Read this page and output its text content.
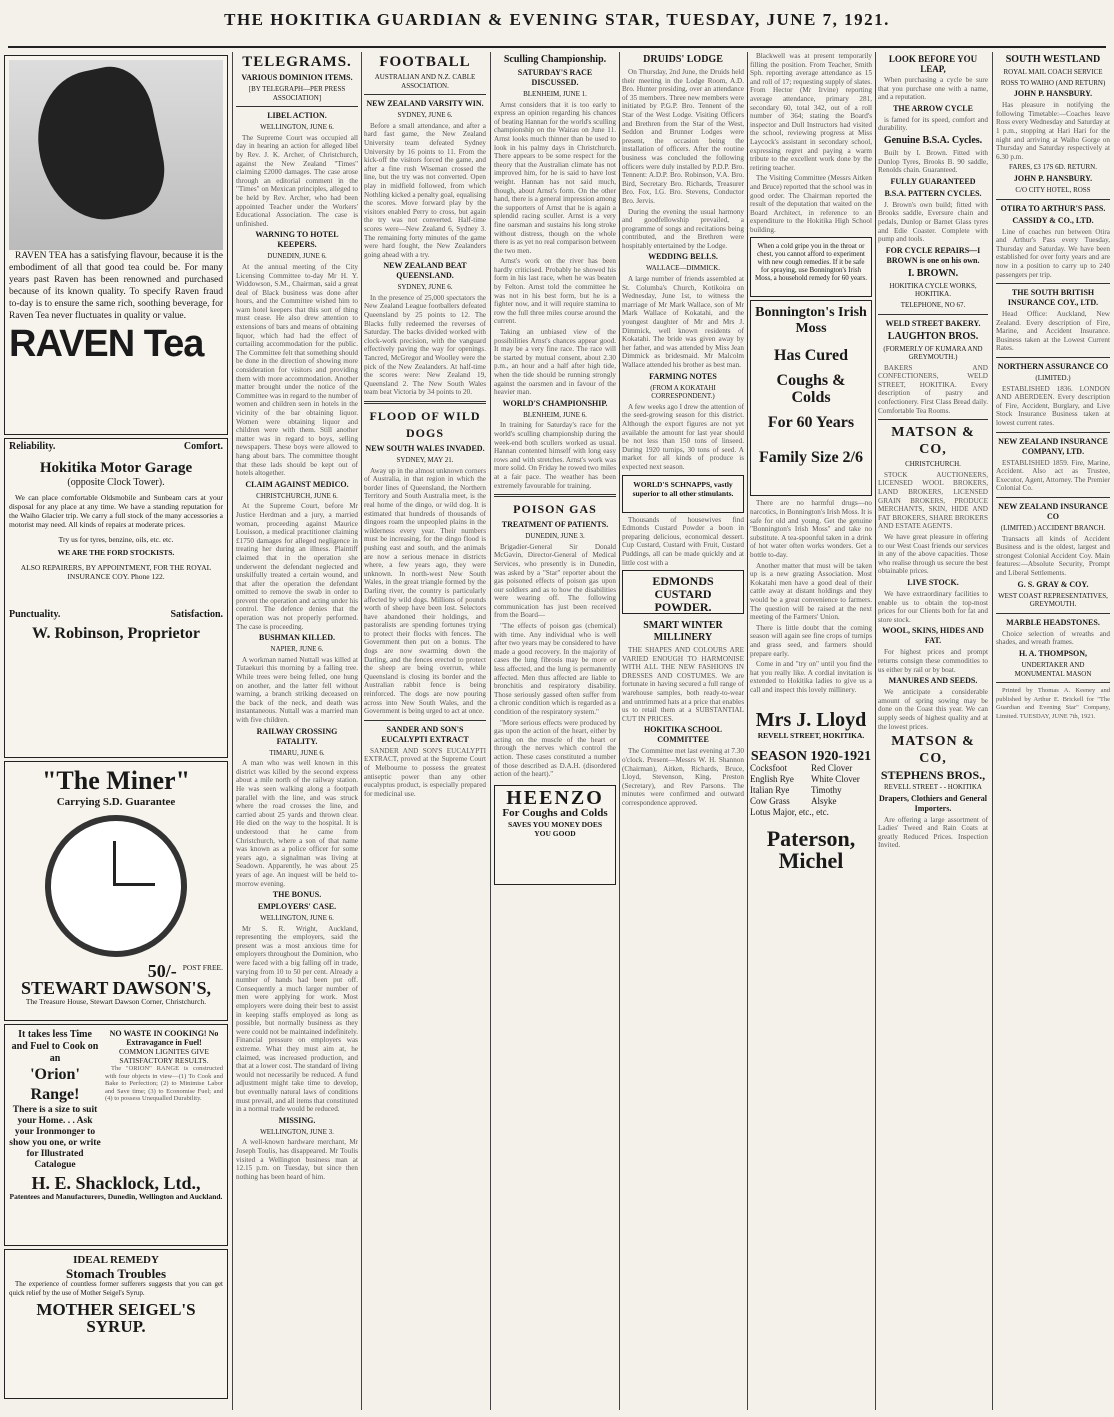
THE HOKITIKA GUARDIAN & EVENING STAR, TUESDAY, JUNE 7, 1921.

RAVEN TEA has a satisfying flavour, because it is the embodiment of all that good tea could be. For many years past Raven has been renowned and purchased because of its known quality. To specify Raven fraud to-day is to ensure the same rich, soothing beverage, for Raven Tea never fluctuates in quality or value.

RAVEN Tea
Reliability.	Comfort.
Hokitika Motor Garage
(opposite Clock Tower).

We can place comfortable Oldsmobile and Sunbeam cars at your disposal for any place at any time. We have a standing reputation for the Waiho Glacier trip. We carry a full stock of the many accessories a motorist may need. All kinds of repairs at moderate prices.

Try us for tyres, benzine, oils, etc. etc.
WE ARE THE FORD STOCKISTS.
ALSO REPAIRERS, BY APPOINTMENT, FOR THE ROYAL INSURANCE COY. Phone 122.
Punctuality.	Satisfaction.
W. Robinson, Proprietor
"The Miner"
Carrying S.D. Guarantee
50/- POST FREE.
STEWART DAWSON'S,
The Treasure House, Stewart Dawson Corner, Christchurch.
It takes less Time and Fuel to Cook on an
'Orion' Range!
There is a size to suit your Home. . . Ask your Ironmonger to show you one, or write for Illustrated Catalogue
NO WASTE IN COOKING! No Extravagance in Fuel!
COMMON LIGNITES GIVE SATISFACTORY RESULTS.

The "ORION" RANGE is constructed with four objects in view—(1) To Cook and Bake to Perfection; (2) to Minimise Labor and Save time; (3) to Economise Fuel; and (4) to possess Unequalled Durability.

H. E. Shacklock, Ltd.,
Patentees and Manufacturers, Dunedin, Wellington and Auckland.
IDEAL REMEDY
Stomach Troubles

The experience of countless former sufferers suggests that you can get quick relief by the use of Mother Seigel's Syrup.

MOTHER SEIGEL'S SYRUP.
TELEGRAMS.
VARIOUS DOMINION ITEMS.
[BY TELEGRAPH—PER PRESS ASSOCIATION]
LIBEL ACTION.
WELLINGTON, JUNE 6.

The Supreme Court was occupied all day in hearing an action for alleged libel by Rev. J. K. Archer, of Christchurch, against the New Zealand "Times" claiming £2000 damages. The case arose through an editorial comment in the "Times" on Mexican principles, alleged to be held by Rev. Archer, who had been appointed Teacher under the Workers' Educational Association. The case is unfinished.

WARNING TO HOTEL KEEPERS.
DUNEDIN, JUNE 6.

At the annual meeting of the City Licensing Committee to-day Mr H. Y. Widdowson, S.M., Chairman, said a great deal of Black business was done after hours, and the Committee wished him to warn hotel keepers that this sort of thing must cease. He also drew attention to extensions of bars and means of obtaining liquor, which had had the effect of curtailing accommodation for the public. The Committee felt that something should be done in the direction of showing more consideration for visitors and providing them with more accommodation. Another matter brought under the notice of the Committee was in regard to the number of women and children seen in hotels in the vicinity of the bar obtaining liquor. Women were obtaining liquor and children were with them. Still another matter was in regard to boys, selling newspapers. These boys were allowed to hang about bars. The committee thought that these lads should be kept out of hotels altogether.

CLAIM AGAINST MEDICO.
CHRISTCHURCH, JUNE 6.

At the Supreme Court, before Mr Justice Herdman and a jury, a married woman, proceeding against Maurice Louisson, a medical practitioner claiming £1750 damages for alleged negligence in treating her during an illness. Plaintiff claimed that in the operation she underwent the defendant neglected and unskilfully treated a certain wound, and that after the operation the defendant omitted to remove the swab in order to prevent the operation and acting under his control. The defence denies that the operation was not properly performed. The case is proceeding.

BUSHMAN KILLED.
NAPIER, JUNE 6.

A workman named Nuttall was killed at Tutaekuri this morning by a falling tree. While trees were being felled, one hung on another, and the latter fell without warning, a branch striking deceased on the back of the neck, and death was instantaneous. Nuttall was a married man with five children.

RAILWAY CROSSING FATALITY.
TIMARU, JUNE 6.

A man who was well known in this district was killed by the second express about a mile north of the railway station. He was seen walking along a footpath parallel with the line, and was struck where the road crosses the line, and carried about 25 yards and thrown clear. He died on the way to the hospital. It is understood that he came from Christchurch, where a son of that name was known as a police officer for some years ago, a signalman was living at Seadown. Apparently, he was about 25 years of age. An inquest will be held to-morrow evening.

THE BONUS.
EMPLOYERS' CASE.
WELLINGTON, JUNE 6.

Mr S. R. Wright, Auckland, representing the employers, said the present was a most anxious time for employers throughout the Dominion, who were faced with a big falling off in trade, varying from 10 to 50 per cent. Already a number of hands had been put off. Consequently a much larger number of men were applying for work. Most employers were doing their best to assist in keeping staffs employed as long as possible, but normally business as they were could not be maintained indefinitely. Financial pressure on employers was extreme. What they must aim at, he claimed, was increased production, and that at a lower cost. The standard of living would not necessarily be reduced. A fund adjustment might take time to develop, but eventually natural laws of conditions must prevail, and all items that constituted in a normal trade would be reduced.

MISSING.
WELLINGTON, JUNE 3.

A well-known hardware merchant, Mr Joseph Toulis, has disappeared. Mr Toulis visited a Wellington business man at 12.15 p.m. on Tuesday, but since then nothing has been heard of him.

FOOTBALL
AUSTRALIAN AND N.Z. CABLE ASSOCIATION.
NEW ZEALAND VARSITY WIN.
SYDNEY, JUNE 6.

Before a small attendance, and after a hard fast game, the New Zealand University team defeated Sydney University by 16 points to 11. From the kick-off the visitors forced the game, and after a fine rush Wiseman crossed the line, but the try was not converted. Open play in midfield followed, from which Nothling kicked a penalty goal, equalising the scores. Move forward play by the visitors enabled Perry to cross, but again the try was not converted. Half-time scores were—New Zealand 6, Sydney 3. The remaining forty minutes of the game were hard fought, the New Zealanders going ahead with a try.

NEW ZEALAND BEAT QUEENSLAND.
SYDNEY, JUNE 6.

In the presence of 25,000 spectators the New Zealand League footballers defeated Queensland by 25 points to 12. The Blacks fully redeemed the reverses of Saturday. The backs divided worked with clock-work precision, with the vanguard effectively paving the way for openings. Tancred, McGregor and Woolley were the pick of the New Zealanders. At half-time the scores were: New Zealand 19, Queensland 2. The New South Wales team beat Victoria by 34 points to 20.

FLOOD OF WILD DOGS
NEW SOUTH WALES INVADED.
SYDNEY, MAY 21.

Away up in the almost unknown corners of Australia, in that region in which the border lines of Queensland, the Northern Territory and South Australia meet, is the real home of the dingo, or wild dog. It is estimated that hundreds of thousands of dingoes roam the unpeopled plains in the wilderness every year. Their numbers must be increasing, for the dingo flood is pushing east and south, and the animals are now a serious menace in districts where, a few years ago, they were unknown. In north-west New South Wales, in the great triangle formed by the Darling river, the country is particularly affected by wild dogs. Millions of pounds worth of sheep have been lost. Selectors have abandoned their holdings, and pastoralists are spending fortunes trying to protect their flocks with fences. The Government then put on a bonus. The dogs are now swarming down the Darling, and the fences erected to protect the sheep are being overrun, while Queensland is closing its border and the Australian rabbit fence is being reinforced. The dogs are now pouring across into New South Wales, and the Government is being urged to act at once.

SANDER AND SON'S EUCALYPTI EXTRACT

SANDER AND SON'S EUCALYPTI EXTRACT, proved at the Supreme Court of Melbourne to possess the greatest antiseptic power than any other eucalyptus product, is especially prepared for medicinal use.

Sculling Championship.
SATURDAY'S RACE DISCUSSED.
BLENHEIM, JUNE 1.

Arnst considers that it is too early to express an opinion regarding his chances of beating Hannan for the world's sculling championship on the Wairau on June 11. Arnst looks much thinner than he used to look in his palmy days in Christchurch. There appears to be some respect for the theory that the Australian climate has not improved him, for he is said to have lost weight. Hannan has not said much, though, about Arnst's form. On the other hand, there is a general impression among the supporters of Arnst that he is again a splendid racing sculler. Arnst is a very fine oarsman and sustains his long stroke without distress, though on the whole there is as yet no real comparison between the two men.

Arnst's work on the river has been hardly criticised. Probably he showed his form in his last race, when he was beaten by Felton. Arnst told the committee he was not in his best form, but he is a fighter now, and it will require stamina to row the full three miles course around the current.

Taking an unbiased view of the possibilities Arnst's chances appear good. It may be a very fine race. The race will be started by mutual consent, about 2.30 p.m., an hour and a half after high tide, when the tide should be running strongly against the oarsmen and in favour of the heavier man.

WORLD'S CHAMPIONSHIP.
BLENHEIM, JUNE 6.

In training for Saturday's race for the world's sculling championship during the week-end both scullers worked as usual. Hannan contented himself with long easy rows and with stretches. Arnst's work was more solid. On Friday he rowed two miles at a fair pace. The weather has been extremely favourable for training.

POISON GAS
TREATMENT OF PATIENTS.
DUNEDIN, JUNE 3.

Brigadier-General Sir Donald McGavin, Director-General of Medical Services, who presently is in Dunedin, was asked by a "Star" reporter about the gas poisoned effects of poison gas upon our soldiers and as to how the disabilities were wearing off. The following communication has just been received from the Board—

"The effects of poison gas (chemical) with time. Any individual who is well after two years may be considered to have made a good recovery. In the majority of cases the lung fibrosis may be more or less affected, and the lung is permanently affected. Men thus affected are liable to bronchitis and respiratory disability. Those seriously gassed often suffer from a chronic condition which is regarded as a condition of the respiratory system."

"More serious effects were produced by gas upon the action of the heart, either by acting on the muscle of the heart or through the nerves which control the action. These cases constituted a number of those described as D.A.H. (disordered action of the heart)."

HEENZO
For Coughs and Colds
SAVES YOU MONEY DOES YOU GOOD
DRUIDS' LODGE

On Thursday, 2nd June, the Druids held their meeting in the Lodge Room, A.D. Bro. Hunter presiding, over an attendance of 35 members. Three new members were initiated by P.G.P. Bro. Tennent of the Star of the West Lodge. Visiting Officers and Brethren from the Star of the West, Seddon and Brunner Lodges were present, the occasion being the installation of officers. After the routine business was concluded the following officers were duly installed by P.D.P. Bro. Tennent: A.D.P. Bro. Robinson, V.A. Bro. Bird, Secretary Bro. Richards, Treasurer Bro. Fox, I.G. Bro. Stevens, Conductor Bro. Jervis.

During the evening the usual harmony and goodfellowship prevailed, a programme of songs and recitations being contributed, and the Brethren were hospitably entertained by the Lodge.

WEDDING BELLS.
WALLACE—DIMMICK.

A large number of friends assembled at St. Columba's Church, Kotikoira on Wednesday, June 1st, to witness the marriage of Mr Mark Wallace, son of Mr Mark Wallace of Kokatahi, and the youngest daughter of Mr and Mrs J. Dimmick, well known residents of Kokatahi. The bride was given away by her father, and was attended by Miss Jean Dimmick as bridesmaid. Mr Malcolm Wallace attended his brother as best man.

FARMING NOTES
(FROM A KOKATAHI CORRESPONDENT.)

A few weeks ago I drew the attention of the seed-growing season for this district. Although the export figures are not yet available the amount for last year should be not less than 150 tons of linseed. During 1920 turnips, 30 tons of seed. A market for all kinds of produce is expected next season.

WORLD'S SCHNAPPS, vastly superior to all other stimulants.

Thousands of housewives find Edmonds Custard Powder a boon in preparing delicious, economical dessert. Cup Custard, Custard with Fruit, Custard Puddings, all can be made quickly and at little cost with a

EDMONDS CUSTARD POWDER.
SMART WINTER MILLINERY

THE SHAPES AND COLOURS ARE VARIED ENOUGH TO HARMONISE WITH ALL THE NEW FASHIONS IN DRESSES AND COSTUMES. We are fortunate in having secured a full range of warehouse samples, both ready-to-wear and untrimmed hats at a price that enables us to retail them at a SUBSTANTIAL CUT IN PRICES.

HOKITIKA SCHOOL COMMITTEE

The Committee met last evening at 7.30 o'clock. Present—Messrs W. H. Shannon (Chairman), Aitken, Richards, Bruce, Lloyd, Stevenson, King, Preston (Secretary), and Rev Parsons. The minutes were confirmed and outward correspondence approved.

Blackwell was at present temporarily filling the position. From Teacher, Smith Sph. reporting average attendance as 15 and roll of 17; requesting supply of slates. From Hector (Mr Irvine) reporting average attendance, primary 281, secondary 60, total 342, out of a roll number of 364; stating the Board's inspector and Dull Instructors had visited the school, reviewing progress at Miss Laycock's assistant in secondary school, expressing regret and paying a warm tribute to the excellent work done by the retiring teacher.

The Visiting Committee (Messrs Aitken and Bruce) reported that the school was in good order. The Chairman reported the result of the deputation that waited on the Board Architect, in reference to an expenditure to the Hokitika High School building.

When a cold gripe you in the throat or chest, you cannot afford to experiment with new cough remedies. If it be safe for spraying, use Bonnington's Irish Moss, a household remedy for 60 years.
Bonnington's Irish Moss
Has Cured
Coughs & Colds
For 60 Years
Family Size 2/6

There are no harmful drugs—no narcotics, in Bonnington's Irish Moss. It is safe for old and young. Get the genuine "Bonnington's Irish Moss" and take no substitute. A tea-spoonful taken in a drink of hot water often works wonders. Get a bottle to-day.

Another matter that must will be taken up is a new grazing Association. Most Kokatahi men have a good deal of their cattle away at distant holdings and they would be a great convenience to farmers. The question will be raised at the next meeting of the Farmers' Union.

There is little doubt that the coming season will again see fine crops of turnips and grass seed, and farmers should prepare early.

Come in and "try on" until you find the hat you really like. A cordial invitation is extended to Hokitika ladies to give us a call and inspect this lovely millinery.

Mrs J. Lloyd
REVELL STREET, HOKITIKA.
SEASON 1920-1921
Cocksfoot	Red Clover
English Rye	White Clover
Italian Rye	Timothy
Cow Grass	Alsyke
Lotus Major, etc., etc.
Paterson, Michel
LOOK BEFORE YOU LEAP,

When purchasing a cycle be sure that you purchase one with a name, and a reputation.

THE ARROW CYCLE

is famed for its speed, comfort and durability.

Genuine B.S.A. Cycles.

Built by I. Brown. Fitted with Dunlop Tyres, Brooks B. 90 saddle, Renolds chain. Guaranteed.

FULLY GUARANTEED
B.S.A. PATTERN CYCLES.

J. Brown's own build; fitted with Brooks saddle, Eversure chain and pedals, Dunlop or Barnet Glass tyres and Edie Coaster. Complete with pump and tools.

FOR CYCLE REPAIRS—I BROWN is one on his own.
I. BROWN.
HOKITIKA CYCLE WORKS, HOKITIKA.
TELEPHONE, NO 67.
WELD STREET BAKERY.
LAUGHTON BROS.
(FORMERLY OF KUMARA AND GREYMOUTH.)

BAKERS AND CONFECTIONERS, WELD STREET, HOKITIKA. Every description of pastry and confectionery. First Class Bread daily. Comfortable Tea Rooms.

MATSON & CO,
CHRISTCHURCH.

STOCK AUCTIONEERS, LICENSED WOOL BROKERS, LAND BROKERS, LICENSED GRAIN BROKERS, PRODUCE MERCHANTS, SKIN, HIDE AND FAT BROKERS, SHARE BROKERS AND ESTATE AGENTS.

We have great pleasure in offering to our West Coast friends our services in any of the above capacities. Those who realise through us secure the best obtainable prices.

LIVE STOCK.

We have extraordinary facilities to enable us to obtain the top-most prices for our Clients both for fat and store stock.

WOOL, SKINS, HIDES AND FAT.

For highest prices and prompt returns consign these commodities to us either by rail or by boat.

MANURES AND SEEDS.

We anticipate a considerable amount of spring sowing may be done on the Coast this year. We can supply seeds of highest quality and at the lowest prices.

MATSON & CO,
STEPHENS BROS.,
REVELL STREET - - HOKITIKA
Drapers, Clothiers and General Importers.

Are offering a large assortment of Ladies' Tweed and Rain Coats at greatly Reduced Prices. Inspection Invited.

SOUTH WESTLAND
ROYAL MAIL COACH SERVICE
ROSS TO WAIHO (AND RETURN)
JOHN P. HANSBURY.

Has pleasure in notifying the following Timetable:—Coaches leave Ross every Wednesday and Saturday at 1 p.m., stopping at Hari Hari for the night and arriving at Waiho Gorge on Thursday and Saturday respectively at 6.30 p.m.

FARES, £3 17S 6D. RETURN.
JOHN P. HANSBURY.
C/O CITY HOTEL, ROSS
OTIRA TO ARTHUR'S PASS.
CASSIDY & CO., LTD.

Line of coaches run between Otira and Arthur's Pass every Tuesday, Thursday and Saturday. We have been established for over forty years and are now in a position to carry up to 240 passengers per trip.

THE SOUTH BRITISH INSURANCE COY., LTD.

Head Office: Auckland, New Zealand. Every description of Fire, Marine, and Accident Insurance. Business taken at the Lowest Current Rates.

NORTHERN ASSURANCE CO
(LIMITED.)

ESTABLISHED 1836. LONDON AND ABERDEEN. Every description of Fire, Accident, Burglary, and Live Stock Insurance Business taken at lowest current rates.

NEW ZEALAND INSURANCE COMPANY, LTD.

ESTABLISHED 1859. Fire, Marine, Accident. Also act as Trustee, Executor, Agent, Attorney. The Premier Colonial Co.

NEW ZEALAND INSURANCE CO
(LIMITED.) ACCIDENT BRANCH.

Transacts all kinds of Accident Business and is the oldest, largest and strongest Colonial Accident Coy. Main features:—Absolute Security, Prompt and Liberal Settlements.

G. S. GRAY & COY.
WEST COAST REPRESENTATIVES, GREYMOUTH.
MARBLE HEADSTONES.

Choice selection of wreaths and shades, and wreath frames.

H. A. THOMPSON,
UNDERTAKER AND MONUMENTAL MASON

Printed by Thomas A. Keeney and published by Arthur E. Brickell for "The Guardian and Evening Star" Company, Limited. TUESDAY, JUNE 7th, 1921.
